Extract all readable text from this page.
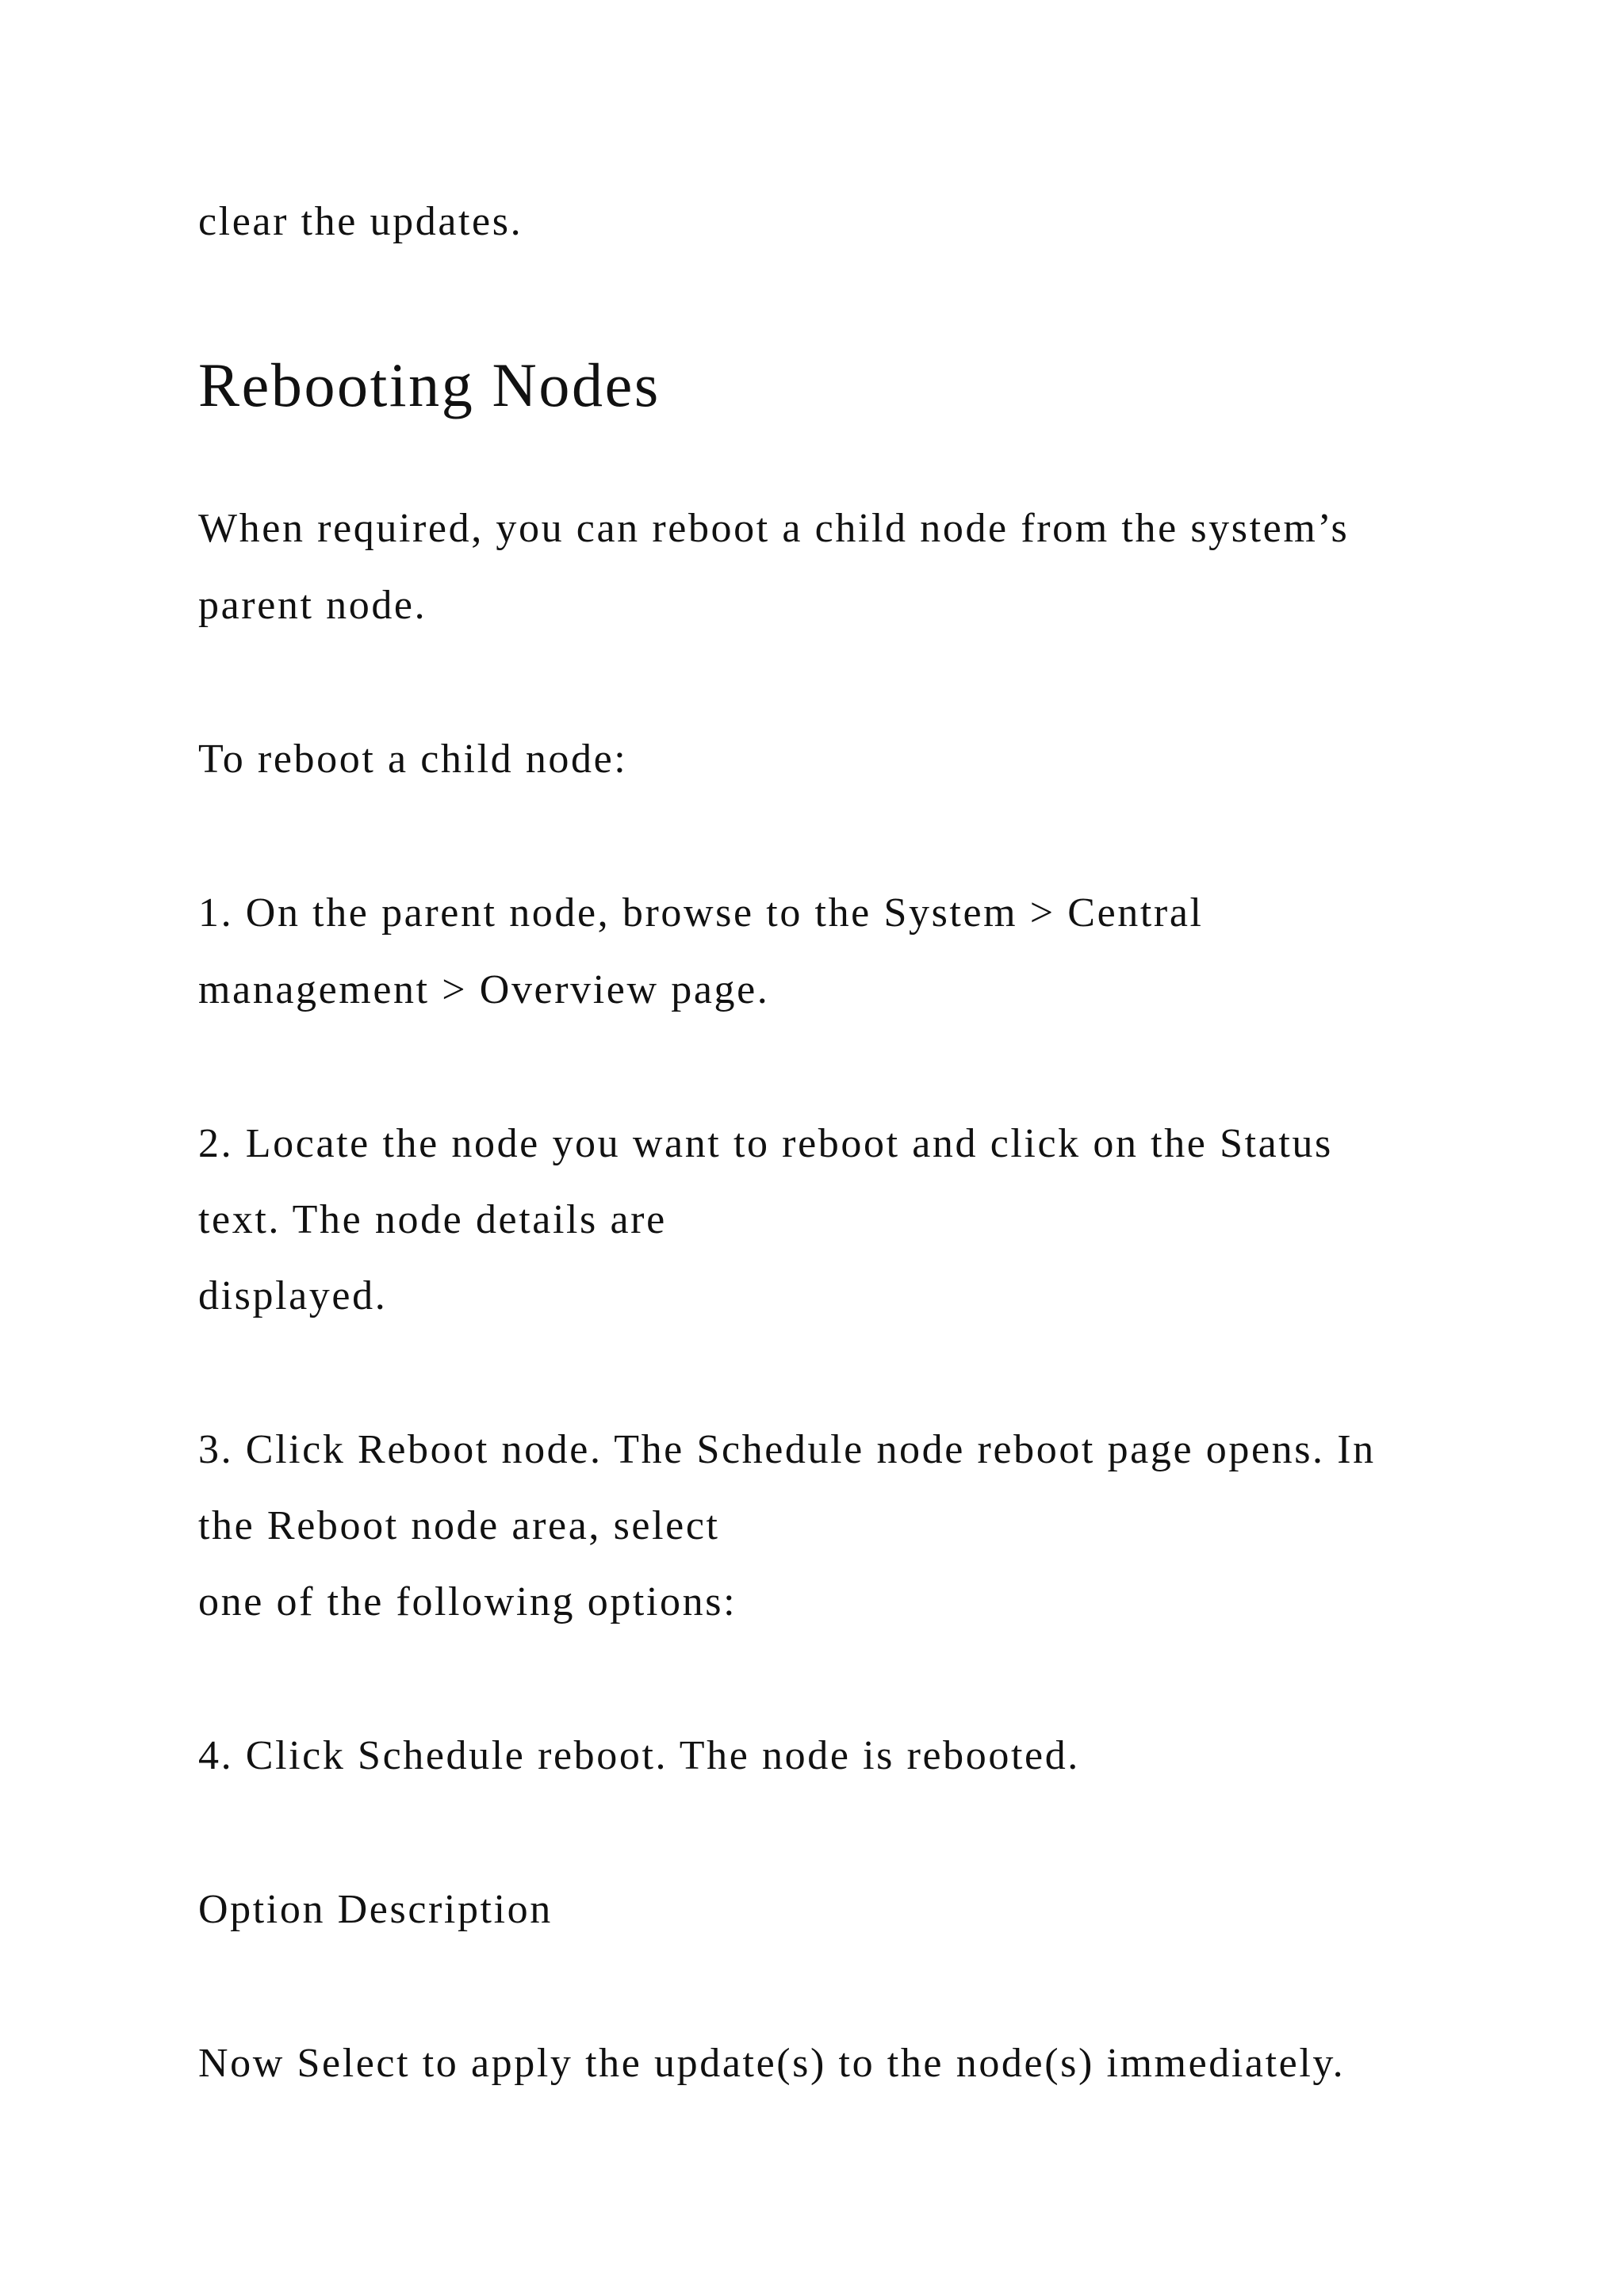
clear the updates.

Rebooting Nodes

When required, you can reboot a child node from the system’s

parent node.

To reboot a child node:

1. On the parent node, browse to the System > Central

management > Overview page.

2. Locate the node you want to reboot and click on the Status

text. The node details are

displayed.

3. Click Reboot node. The Schedule node reboot page opens. In

the Reboot node area, select

one of the following options:

4. Click Schedule reboot. The node is rebooted.

Option Description

Now Select to apply the update(s) to the node(s) immediately.
